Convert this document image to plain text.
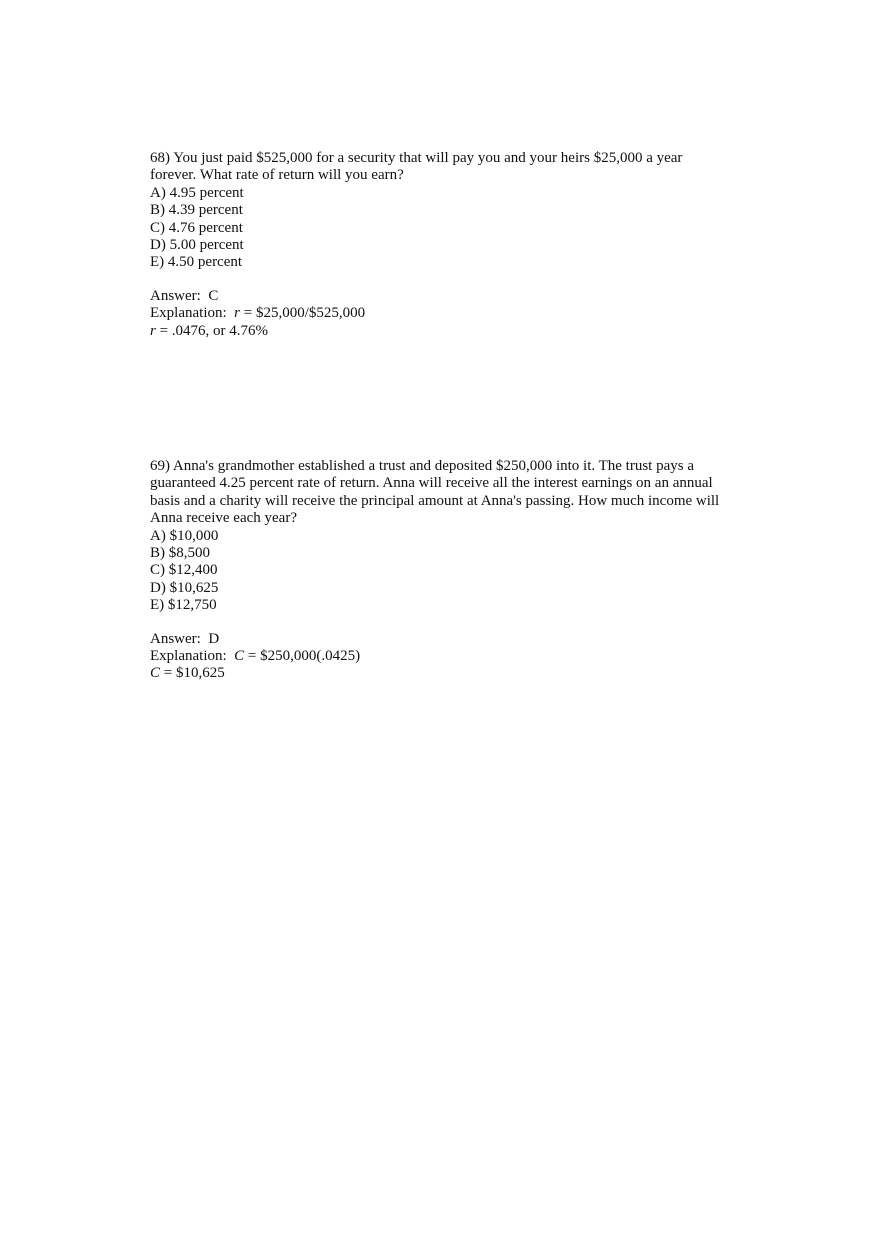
68) You just paid $525,000 for a security that will pay you and your heirs $25,000 a year
forever. What rate of return will you earn?
A) 4.95 percent
B) 4.39 percent
C) 4.76 percent
D) 5.00 percent
E) 4.50 percent
Answer:  C
Explanation:  r = $25,000/$525,000
r = .0476, or 4.76%
69) Anna's grandmother established a trust and deposited $250,000 into it. The trust pays a
guaranteed 4.25 percent rate of return. Anna will receive all the interest earnings on an annual
basis and a charity will receive the principal amount at Anna's passing. How much income will
Anna receive each year?
A) $10,000
B) $8,500
C) $12,400
D) $10,625
E) $12,750
Answer:  D
Explanation:  C = $250,000(.0425)
C = $10,625
